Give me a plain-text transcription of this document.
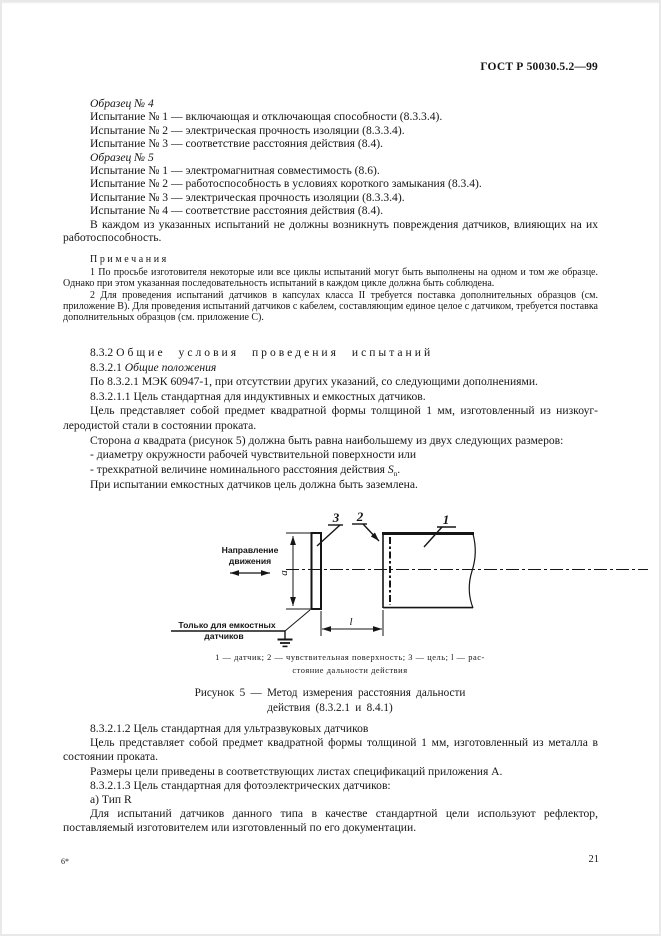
ГОСТ Р 50030.5.2—99

Образец № 4

Испытание № 1 — включающая и отключающая способности (8.3.3.4).

Испытание № 2 — электрическая прочность изоляции (8.3.3.4).

Испытание № 3 — соответствие расстояния действия (8.4).

Образец № 5

Испытание № 1 — электромагнитная совместимость (8.6).

Испытание № 2 — работоспособность в условиях короткого замыкания (8.3.4).

Испытание № 3 — электрическая прочность изоляции (8.3.3.4).

Испытание № 4 — соответствие расстояния действия (8.4).

В каждом из указанных испытаний не должны возникнуть повреждения датчиков, влияющих на их работоспособность.

Примечания

1 По просьбе изготовителя некоторые или все циклы испытаний могут быть выполнены на одном и том же образце. Однако при этом указанная последовательность испытаний в каждом цикле должна быть соблюдена.

2 Для проведения испытаний датчиков в капсулах класса II требуется поставка дополнительных образцов (см. приложение В). Для проведения испытаний датчиков с кабелем, составляющим единое целое с датчиком, требуется поставка дополнительных образцов (см. приложение С).

8.3.2 Общие условия проведения испытаний

8.3.2.1 Общие положения

По 8.3.2.1 МЭК 60947-1, при отсутствии других указаний, со следующими дополнениями.

8.3.2.1.1 Цель стандартная для индуктивных и емкостных датчиков.

Цель представляет собой предмет квадратной формы толщиной 1 мм, изготовленный из низкоуглеродистой стали в состоянии проката.

Сторона а квадрата (рисунок 5) должна быть равна наибольшему из двух следующих размеров:

- диаметру окружности рабочей чувствительной поверхности или

- трехкратной величине номинального расстояния действия $S_n$.

При испытании емкостных датчиков цель должна быть заземлена.

a
l
3 2	1
Направление
движения
Только для емкостных
датчиков
1 — датчик; 2 — чувствительная поверхность; 3 — цель; l — рас-
стояние дальности действия
Рисунок 5 — Метод измерения расстояния дальности
действия (8.3.2.1 и 8.4.1)

8.3.2.1.2 Цель стандартная для ультразвуковых датчиков

Цель представляет собой предмет квадратной формы толщиной 1 мм, изготовленный из металла в состоянии проката.

Размеры цели приведены в соответствующих листах спецификаций приложения А.

8.3.2.1.3 Цель стандартная для фотоэлектрических датчиков:

а) Тип R

Для испытаний датчиков данного типа в качестве стандартной цели используют рефлектор, поставляемый изготовителем или изготовленный по его документации.

6*	21
